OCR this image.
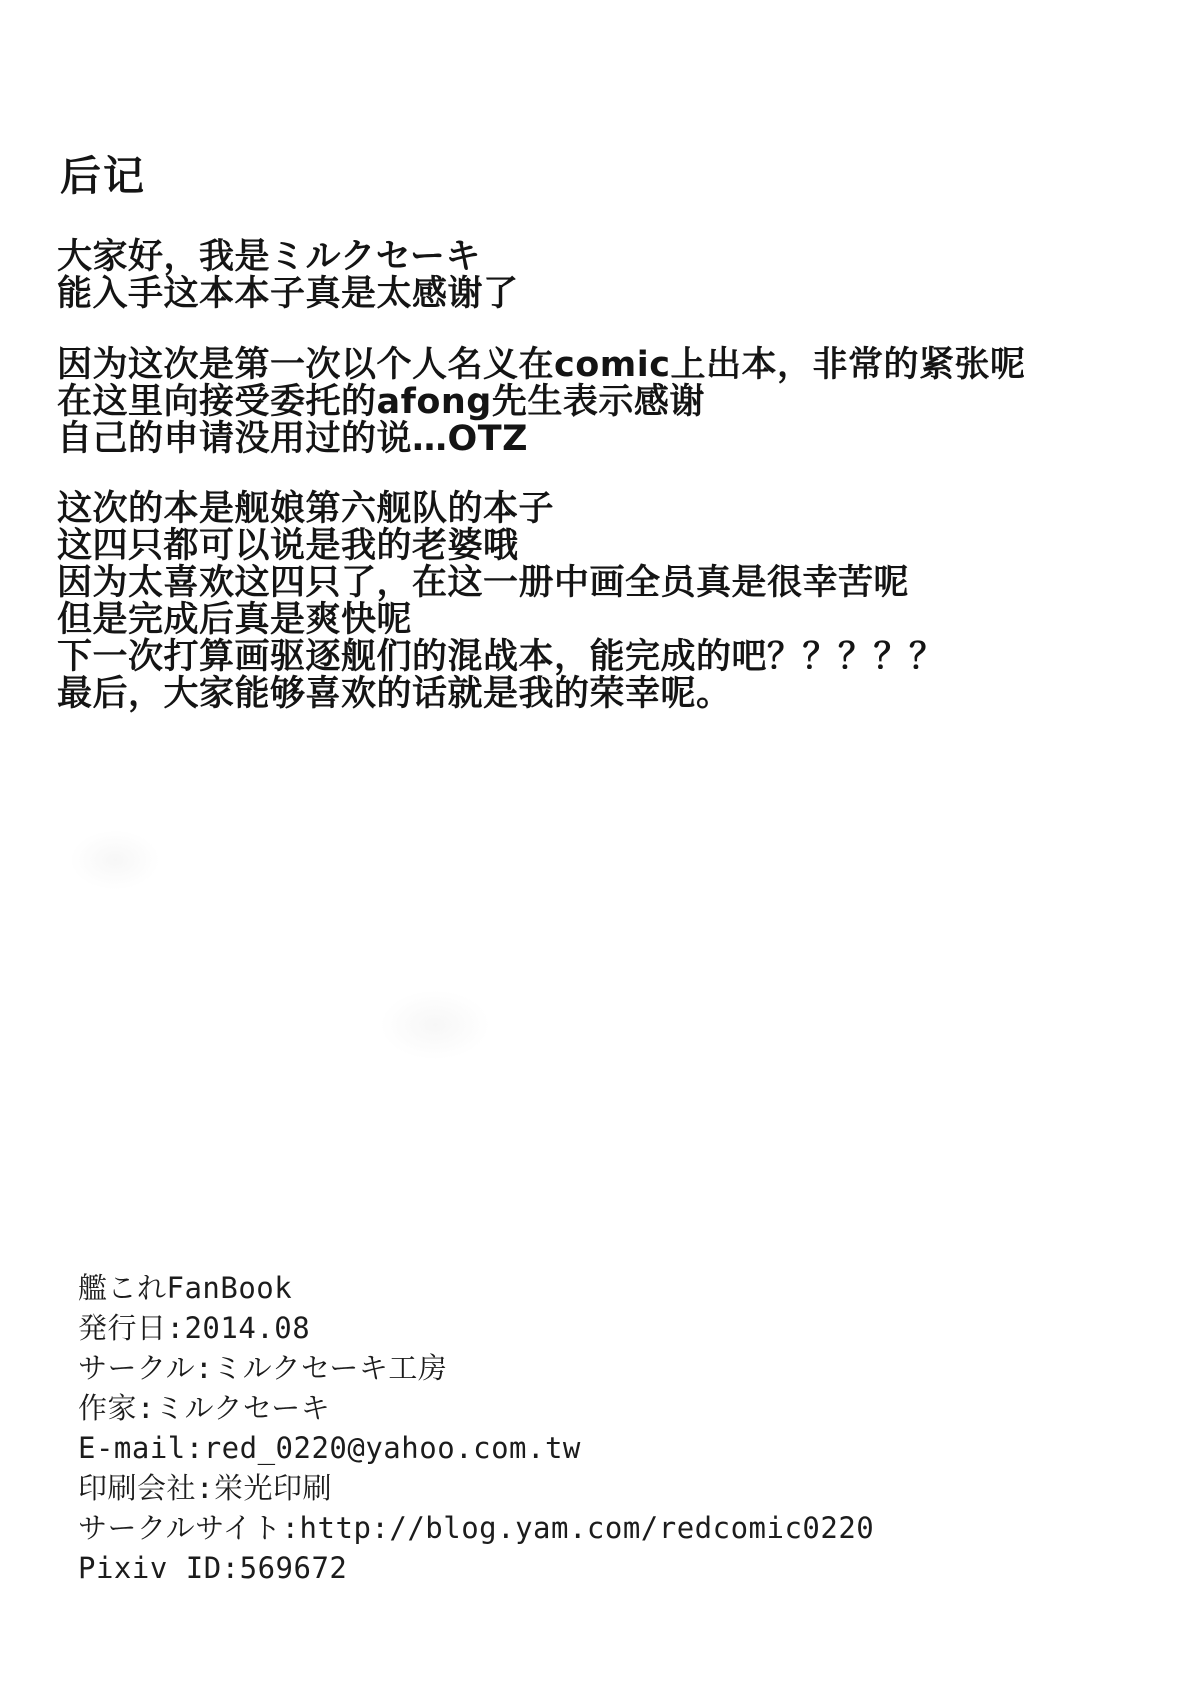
后记
大家好，我是ミルクセーキ
能入手这本本子真是太感谢了
因为这次是第一次以个人名义在comic上出本，非常的紧张呢
在这里向接受委托的afong先生表示感谢
自己的申请没用过的说…OTZ
这次的本是舰娘第六舰队的本子
这四只都可以说是我的老婆哦
因为太喜欢这四只了，在这一册中画全员真是很幸苦呢
但是完成后真是爽快呢
下一次打算画驱逐舰们的混战本，能完成的吧？？？？？
最后，大家能够喜欢的话就是我的荣幸呢。
艦これFanBook
発行日:2014.08
サークル:ミルクセーキ工房
作家:ミルクセーキ
E-mail:red_0220@yahoo.com.tw
印刷会社:栄光印刷
サークルサイト:http://blog.yam.com/redcomic0220
Pixiv ID:569672
